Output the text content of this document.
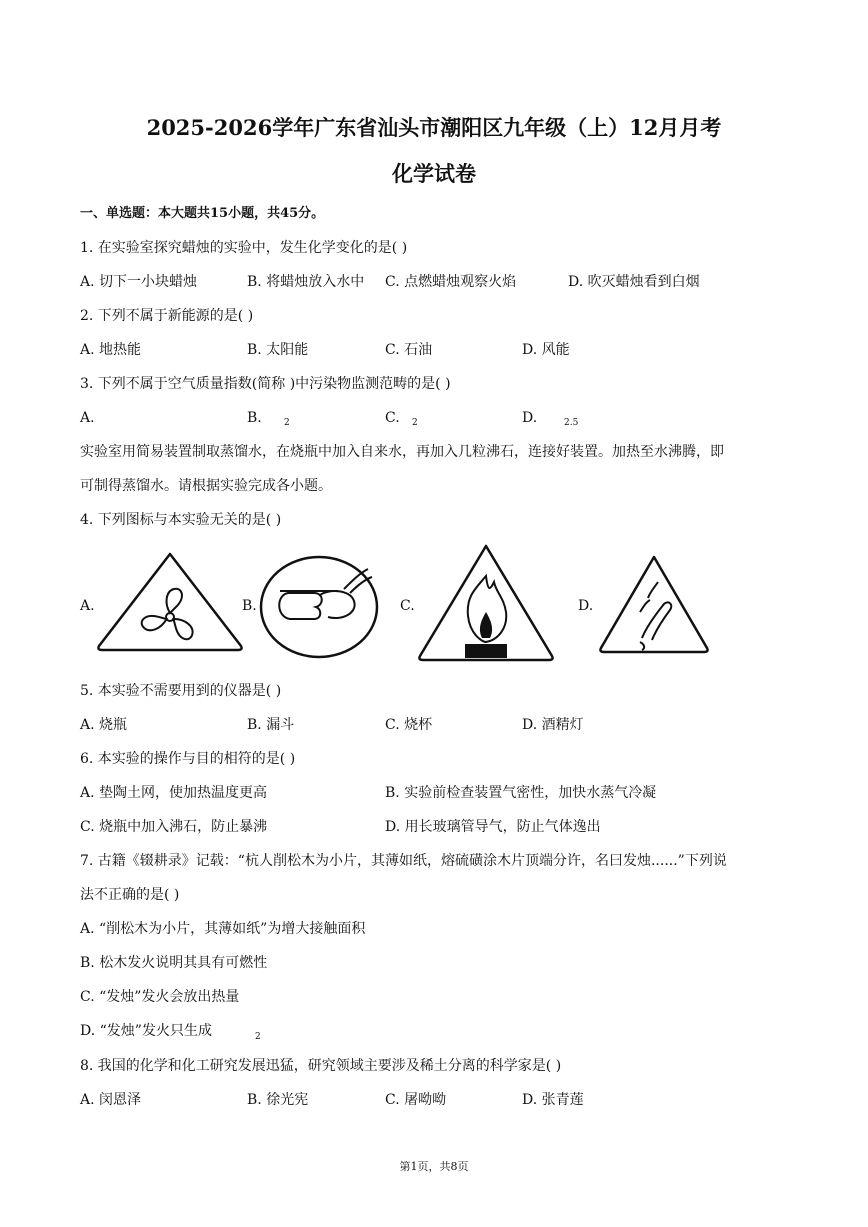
2025-2026学年广东省汕头市潮阳区九年级（上）12月月考
化学试卷
一、单选题：本大题共15小题，共45分。
1. 在实验室探究蜡烛的实验中，发生化学变化的是( )
A. 切下一小块蜡烛	B. 将蜡烛放入水中 C. 点燃蜡烛观察火焰	D. 吹灭蜡烛看到白烟
2. 下列不属于新能源的是( )
A. 地热能	B. 太阳能	C. 石油	D. 风能
3. 下列不属于空气质量指数(简称 )中污染物监测范畴的是( )
A.	B. 2	C. 2	D.	2.5
实验室用简易装置制取蒸馏水，在烧瓶中加入自来水，再加入几粒沸石，连接好装置。加热至水沸腾，即
可制得蒸馏水。请根据实验完成各小题。
4. 下列图标与本实验无关的是( )
A.	B.	C.	D.
5. 本实验不需要用到的仪器是( )
A. 烧瓶	B. 漏斗	C. 烧杯	D. 酒精灯
6. 本实验的操作与目的相符的是( )
A. 垫陶土网，使加热温度更高	B. 实验前检查装置气密性，加快水蒸气冷凝
C. 烧瓶中加入沸石，防止暴沸	D. 用长玻璃管导气，防止气体逸出
7. 古籍《辍耕录》记载：“杭人削松木为小片，其薄如纸，熔硫磺涂木片顶端分许，名曰发烛......”下列说
法不正确的是( )
A. “削松木为小片，其薄如纸”为增大接触面积
B. 松木发火说明其具有可燃性
C. “发烛”发火会放出热量
D. “发烛”发火只生成	2
8. 我国的化学和化工研究发展迅猛，研究领域主要涉及稀土分离的科学家是( )
A. 闵恩泽	B. 徐光宪	C. 屠呦呦	D. 张青莲
第1页，共8页
